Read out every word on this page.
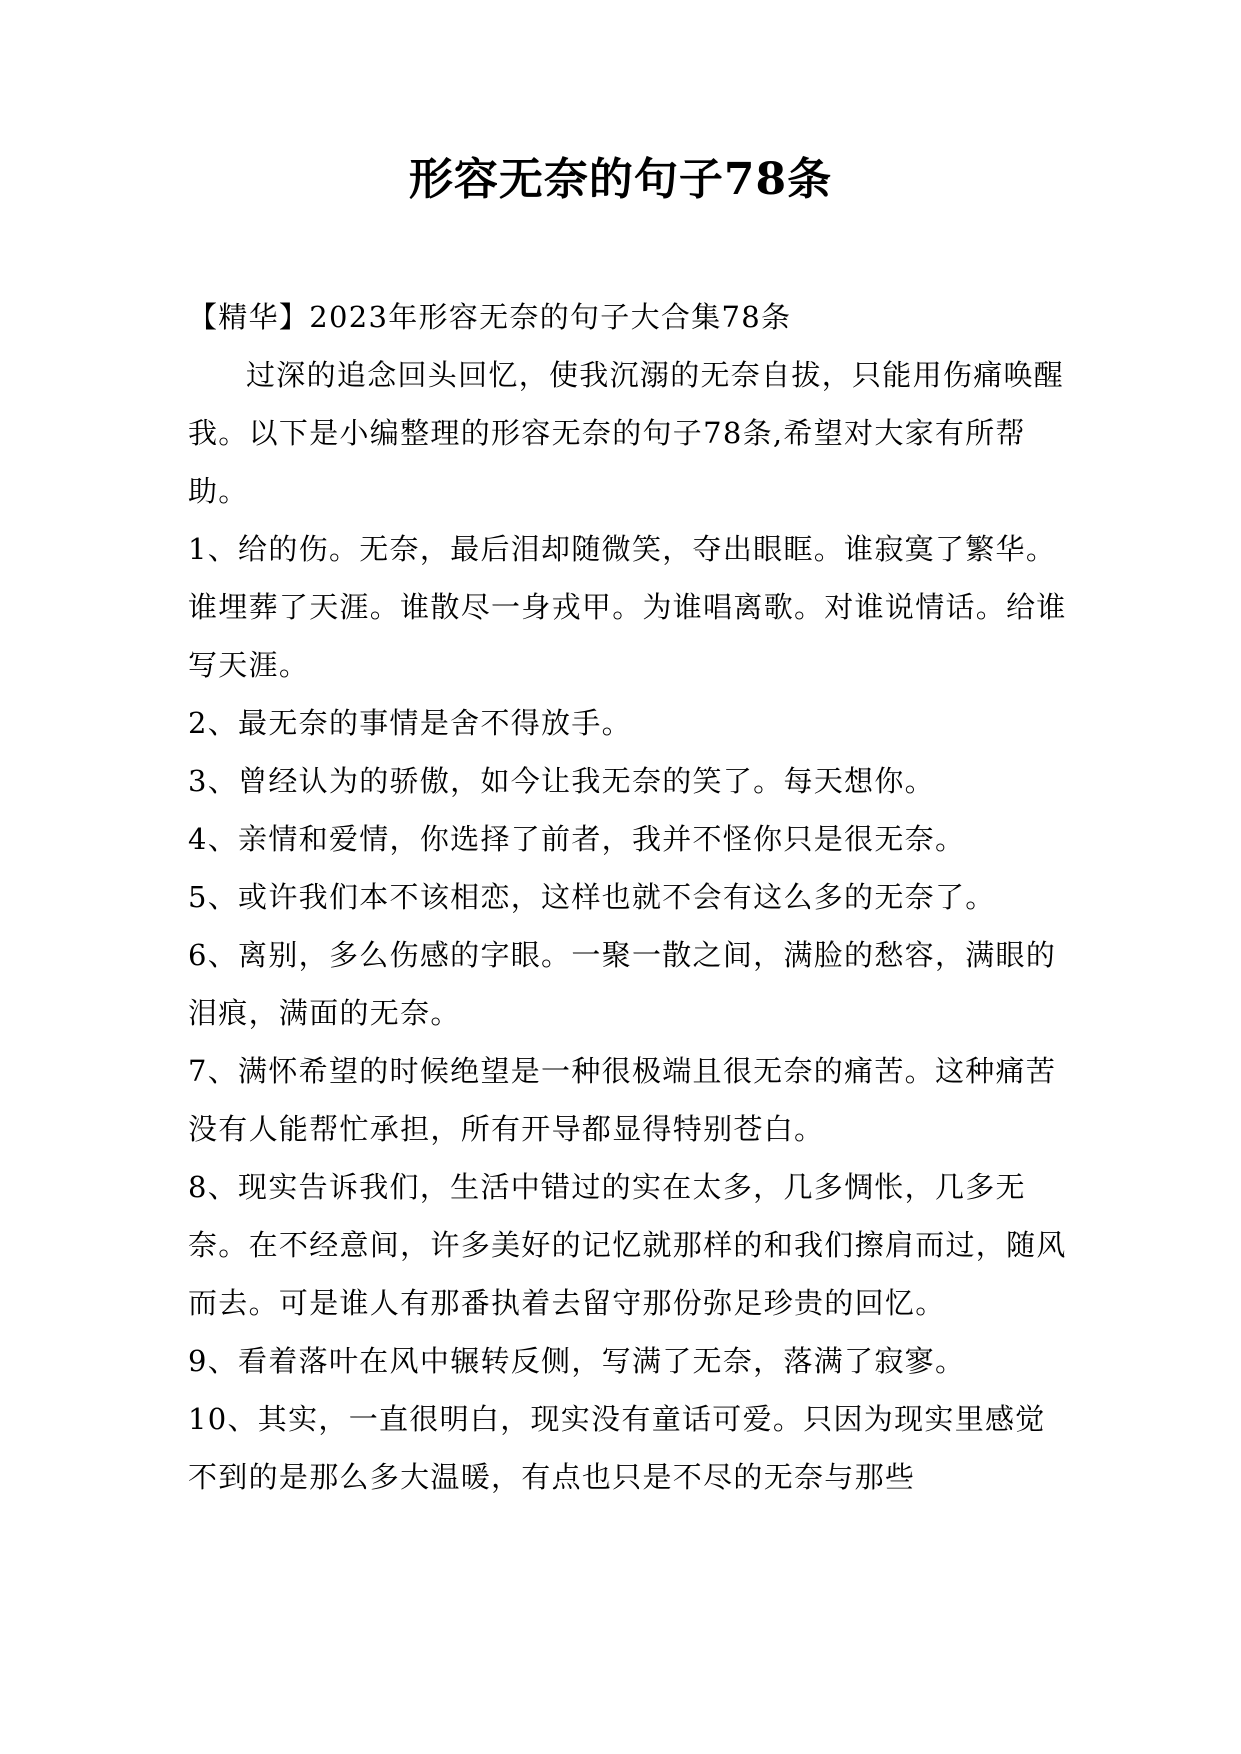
形容无奈的句子78条

【精华】2023年形容无奈的句子大合集78条

过深的追念回头回忆，使我沉溺的无奈自拔，只能用伤痛唤醒我。以下是小编整理的形容无奈的句子78条,希望对大家有所帮助。

1、给的伤。无奈，最后泪却随微笑，夺出眼眶。谁寂寞了繁华。谁埋葬了天涯。谁散尽一身戎甲。为谁唱离歌。对谁说情话。给谁写天涯。

2、最无奈的事情是舍不得放手。

3、曾经认为的骄傲，如今让我无奈的笑了。每天想你。

4、亲情和爱情，你选择了前者，我并不怪你只是很无奈。

5、或许我们本不该相恋，这样也就不会有这么多的无奈了。

6、离别，多么伤感的字眼。一聚一散之间，满脸的愁容，满眼的泪痕，满面的无奈。

7、满怀希望的时候绝望是一种很极端且很无奈的痛苦。这种痛苦没有人能帮忙承担，所有开导都显得特别苍白。

8、现实告诉我们，生活中错过的实在太多，几多惆怅，几多无奈。在不经意间，许多美好的记忆就那样的和我们擦肩而过，随风而去。可是谁人有那番执着去留守那份弥足珍贵的回忆。

9、看着落叶在风中辗转反侧，写满了无奈，落满了寂寥。

10、其实，一直很明白，现实没有童话可爱。只因为现实里感觉不到的是那么多大温暖，有点也只是不尽的无奈与那些
